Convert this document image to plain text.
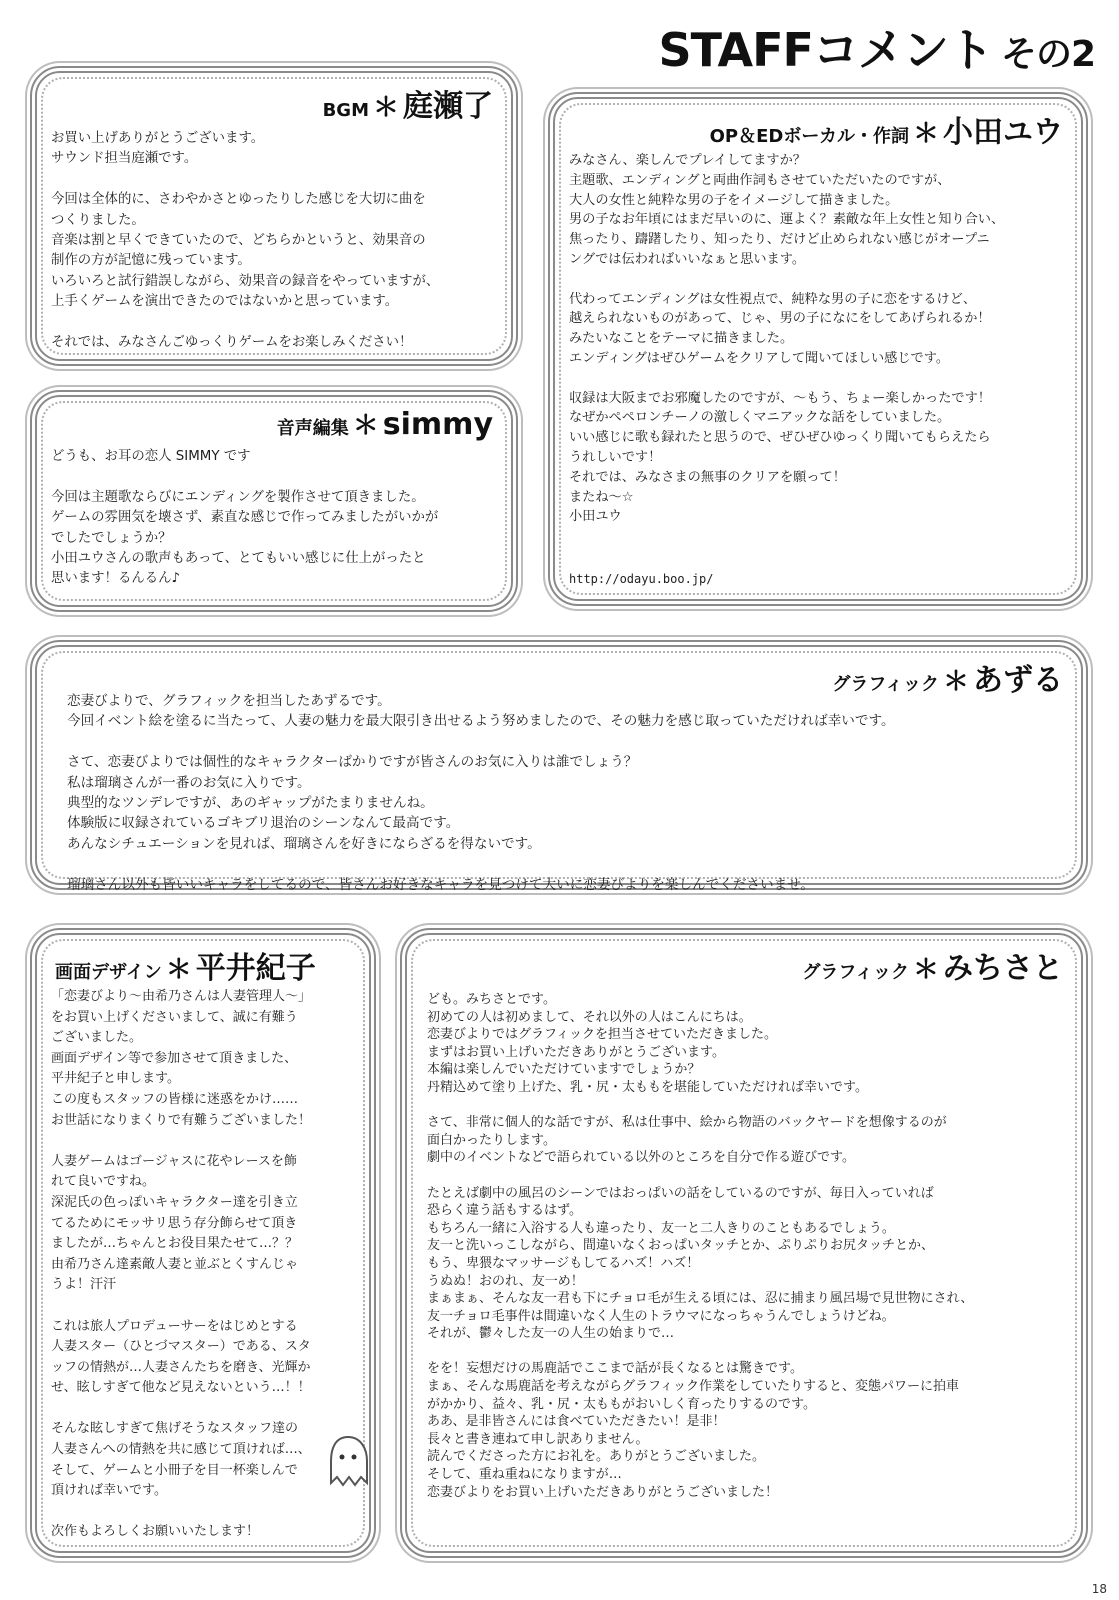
STAFFコメント その2
BGM ＊ 庭瀬了
お買い上げありがとうございます。
サウンド担当庭瀬です。

今回は全体的に、さわやかさとゆったりした感じを大切に曲を
つくりました。
音楽は割と早くできていたので、どちらかというと、効果音の
制作の方が記憶に残っています。
いろいろと試行錯誤しながら、効果音の録音をやっていますが、
上手くゲームを演出できたのではないかと思っています。

それでは、みなさんごゆっくりゲームをお楽しみください！
音声編集 ＊ simmy
どうも、お耳の恋人 SIMMY です

今回は主題歌ならびにエンディングを製作させて頂きました。
ゲームの雰囲気を壊さず、素直な感じで作ってみましたがいかが
でしたでしょうか？
小田ユウさんの歌声もあって、とてもいい感じに仕上がったと
思います！るんるん♪
OP＆EDボーカル・作詞 ＊ 小田ユウ
みなさん、楽しんでプレイしてますか？
主題歌、エンディングと両曲作詞もさせていただいたのですが、
大人の女性と純粋な男の子をイメージして描きました。
男の子なお年頃にはまだ早いのに、運よく？素敵な年上女性と知り合い、
焦ったり、躊躇したり、知ったり、だけど止められない感じがオープニ
ングでは伝わればいいなぁと思います。

代わってエンディングは女性視点で、純粋な男の子に恋をするけど、
越えられないものがあって、じゃ、男の子になにをしてあげられるか！
みたいなことをテーマに描きました。
エンディングはぜひゲームをクリアして聞いてほしい感じです。

収録は大阪までお邪魔したのですが、～もう、ちょー楽しかったです！
なぜかペペロンチーノの激しくマニアックな話をしていました。
いい感じに歌も録れたと思うので、ぜひぜひゆっくり聞いてもらえたら
うれしいです！
それでは、みなさまの無事のクリアを願って！
またね～☆
小田ユウ
http://odayu.boo.jp/
グラフィック ＊ あずる
恋妻びよりで、グラフィックを担当したあずるです。
今回イベント絵を塗るに当たって、人妻の魅力を最大限引き出せるよう努めましたので、その魅力を感じ取っていただければ幸いです。

さて、恋妻びよりでは個性的なキャラクターばかりですが皆さんのお気に入りは誰でしょう？
私は瑠璃さんが一番のお気に入りです。
典型的なツンデレですが、あのギャップがたまりませんね。
体験版に収録されているゴキブリ退治のシーンなんて最高です。
あんなシチュエーションを見れば、瑠璃さんを好きにならざるを得ないです。

瑠璃さん以外も皆いいキャラをしてるので、皆さんお好きなキャラを見つけて大いに恋妻びよりを楽しんでくださいませ。
画面デザイン ＊ 平井紀子
「恋妻びより～由希乃さんは人妻管理人～」
をお買い上げくださいまして、誠に有難う
ございました。
画面デザイン等で参加させて頂きました、
平井紀子と申します。
この度もスタッフの皆様に迷惑をかけ……
お世話になりまくりで有難うございました！

人妻ゲームはゴージャスに花やレースを飾
れて良いですね。
深泥氏の色っぽいキャラクター達を引き立
てるためにモッサリ思う存分飾らせて頂き
ましたが…ちゃんとお役目果たせて…？？
由希乃さん達素敵人妻と並ぶとくすんじゃ
うよ！汗汗

これは旅人プロデューサーをはじめとする
人妻スター（ひとづマスター）である、スタ
ッフの情熱が…人妻さんたちを磨き、光輝か
せ、眩しすぎて他など見えないという…！！

そんな眩しすぎて焦げそうなスタッフ達の
人妻さんへの情熱を共に感じて頂ければ…、
そして、ゲームと小冊子を目一杯楽しんで
頂ければ幸いです。

次作もよろしくお願いいたします！
グラフィック ＊ みちさと
ども。みちさとです。
初めての人は初めまして、それ以外の人はこんにちは。
恋妻びよりではグラフィックを担当させていただきました。
まずはお買い上げいただきありがとうございます。
本編は楽しんでいただけていますでしょうか？
丹精込めて塗り上げた、乳・尻・太ももを堪能していただければ幸いです。

さて、非常に個人的な話ですが、私は仕事中、絵から物語のバックヤードを想像するのが
面白かったりします。
劇中のイベントなどで語られている以外のところを自分で作る遊びです。

たとえば劇中の風呂のシーンではおっぱいの話をしているのですが、毎日入っていれば
恐らく違う話もするはず。
もちろん一緒に入浴する人も違ったり、友一と二人きりのこともあるでしょう。
友一と洗いっこしながら、間違いなくおっぱいタッチとか、ぷりぷりお尻タッチとか、
もう、卑猥なマッサージもしてるハズ！ハズ！
うぬぬ！おのれ、友一め！
まぁまぁ、そんな友一君も下にチョロ毛が生える頃には、忍に捕まり風呂場で見世物にされ、
友一チョロ毛事件は間違いなく人生のトラウマになっちゃうんでしょうけどね。
それが、鬱々した友一の人生の始まりで…

をを！妄想だけの馬鹿話でここまで話が長くなるとは驚きです。
まぁ、そんな馬鹿話を考えながらグラフィック作業をしていたりすると、変態パワーに拍車
がかかり、益々、乳・尻・太ももがおいしく育ったりするのです。
ああ、是非皆さんには食べていただきたい！是非！
長々と書き連ねて申し訳ありません。
読んでくださった方にお礼を。ありがとうございました。
そして、重ね重ねになりますが…
恋妻びよりをお買い上げいただきありがとうございました！
18
